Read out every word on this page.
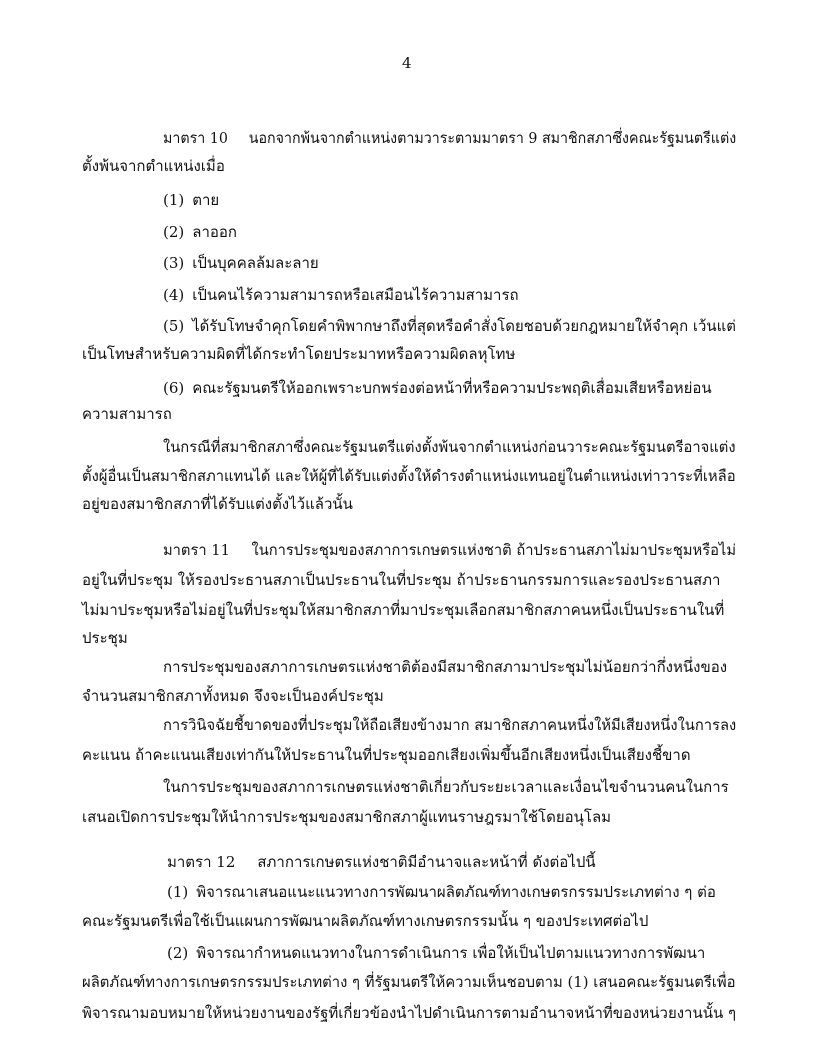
4
มาตรา 10 นอกจากพ้นจากตำแหน่งตามวาระตามมาตรา 9 สมาชิกสภาซึ่งคณะรัฐมนตรีแต่ง
ตั้งพ้นจากตำแหน่งเมื่อ
(1) ตาย
(2) ลาออก
(3) เป็นบุคคลล้มละลาย
(4) เป็นคนไร้ความสามารถหรือเสมือนไร้ความสามารถ
(5) ได้รับโทษจำคุกโดยคำพิพากษาถึงที่สุดหรือคำสั่งโดยชอบด้วยกฎหมายให้จำคุก เว้นแต่
เป็นโทษสำหรับความผิดที่ได้กระทำโดยประมาทหรือความผิดลหุโทษ
(6) คณะรัฐมนตรีให้ออกเพราะบกพร่องต่อหน้าที่หรือความประพฤติเสื่อมเสียหรือหย่อน
ความสามารถ
ในกรณีที่สมาชิกสภาซึ่งคณะรัฐมนตรีแต่งตั้งพ้นจากตำแหน่งก่อนวาระคณะรัฐมนตรีอาจแต่ง
ตั้งผู้อื่นเป็นสมาชิกสภาแทนได้ และให้ผู้ที่ได้รับแต่งตั้งให้ดำรงตำแหน่งแทนอยู่ในตำแหน่งเท่าวาระที่เหลือ
อยู่ของสมาชิกสภาที่ได้รับแต่งตั้งไว้แล้วนั้น
มาตรา 11 ในการประชุมของสภาการเกษตรแห่งชาติ ถ้าประธานสภาไม่มาประชุมหรือไม่
อยู่ในที่ประชุม ให้รองประธานสภาเป็นประธานในที่ประชุม ถ้าประธานกรรมการและรองประธานสภา
ไม่มาประชุมหรือไม่อยู่ในที่ประชุมให้สมาชิกสภาที่มาประชุมเลือกสมาชิกสภาคนหนึ่งเป็นประธานในที่
ประชุม
การประชุมของสภาการเกษตรแห่งชาติต้องมีสมาชิกสภามาประชุมไม่น้อยกว่ากึ่งหนึ่งของ
จำนวนสมาชิกสภาทั้งหมด จึงจะเป็นองค์ประชุม
การวินิจฉัยชี้ขาดของที่ประชุมให้ถือเสียงข้างมาก สมาชิกสภาคนหนึ่งให้มีเสียงหนึ่งในการลง
คะแนน ถ้าคะแนนเสียงเท่ากันให้ประธานในที่ประชุมออกเสียงเพิ่มขึ้นอีกเสียงหนึ่งเป็นเสียงชี้ขาด
ในการประชุมของสภาการเกษตรแห่งชาติเกี่ยวกับระยะเวลาและเงื่อนไขจำนวนคนในการ
เสนอเปิดการประชุมให้นำการประชุมของสมาชิกสภาผู้แทนราษฎรมาใช้โดยอนุโลม
มาตรา 12 สภาการเกษตรแห่งชาติมีอำนาจและหน้าที่ ดังต่อไปนี้
(1) พิจารณาเสนอแนะแนวทางการพัฒนาผลิตภัณฑ์ทางเกษตรกรรมประเภทต่าง ๆ ต่อ
คณะรัฐมนตรีเพื่อใช้เป็นแผนการพัฒนาผลิตภัณฑ์ทางเกษตรกรรมนั้น ๆ ของประเทศต่อไป
(2) พิจารณากำหนดแนวทางในการดำเนินการ เพื่อให้เป็นไปตามแนวทางการพัฒนา
ผลิตภัณฑ์ทางการเกษตรกรรมประเภทต่าง ๆ ที่รัฐมนตรีให้ความเห็นชอบตาม (1) เสนอคณะรัฐมนตรีเพื่อ
พิจารณามอบหมายให้หน่วยงานของรัฐที่เกี่ยวข้องนำไปดำเนินการตามอำนาจหน้าที่ของหน่วยงานนั้น ๆ
